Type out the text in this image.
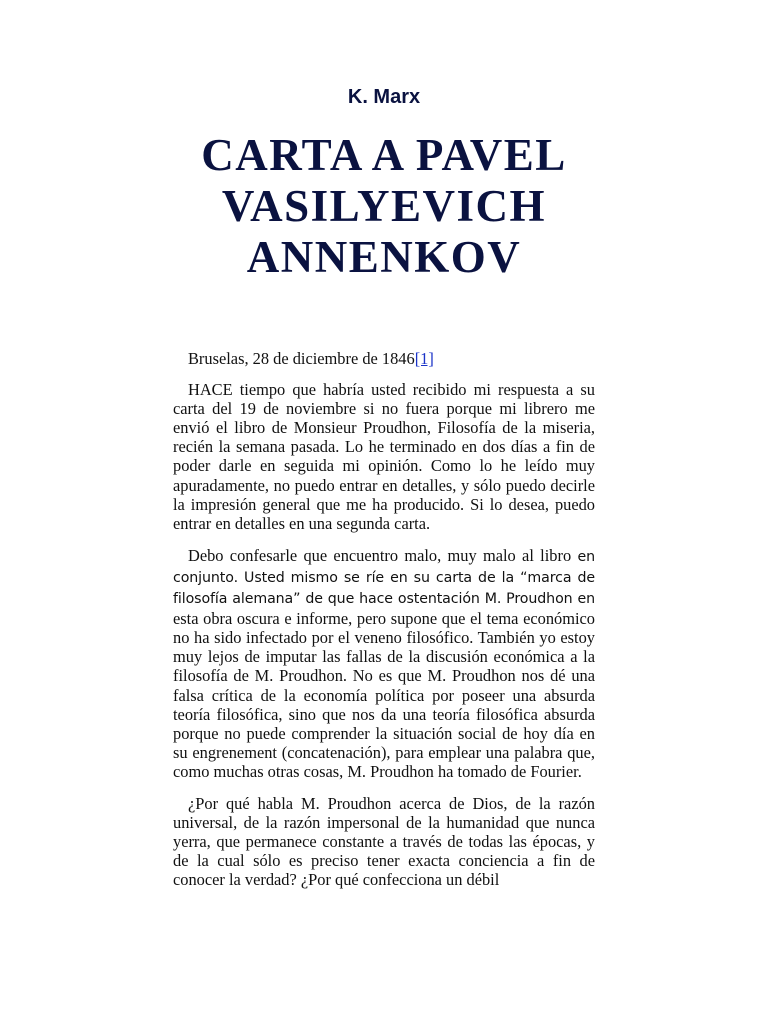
K. Marx
CARTA A PAVEL VASILYEVICH ANNENKOV

Bruselas, 28 de diciembre de 1846[1]

HACE tiempo que habría usted recibido mi respuesta a su carta del 19 de noviembre si no fuera porque mi librero me envió el libro de Monsieur Proudhon, Filosofía de la miseria, recién la semana pasada. Lo he terminado en dos días a fin de poder darle en seguida mi opinión. Como lo he leído muy apuradamente, no puedo entrar en detalles, y sólo puedo decirle la impresión general que me ha producido. Si lo desea, puedo entrar en detalles en una segunda carta.

Debo confesarle que encuentro malo, muy malo al libro en conjunto. Usted mismo se ríe en su carta de la “marca de filosofía alemana” de que hace ostentación M. Proudhon en esta obra oscura e informe, pero supone que el tema económico no ha sido infectado por el veneno filosófico. También yo estoy muy lejos de imputar las fallas de la discusión económica a la filosofía de M. Proudhon. No es que M. Proudhon nos dé una falsa crítica de la economía política por poseer una absurda teoría filosófica, sino que nos da una teoría filosófica absurda porque no puede comprender la situación social de hoy día en su engrenement (concatenación), para emplear una palabra que, como muchas otras cosas, M. Proudhon ha tomado de Fourier.

¿Por qué habla M. Proudhon acerca de Dios, de la razón universal, de la razón impersonal de la humanidad que nunca yerra, que permanece constante a través de todas las épocas, y de la cual sólo es preciso tener exacta conciencia a fin de conocer la verdad? ¿Por qué confecciona un débil
